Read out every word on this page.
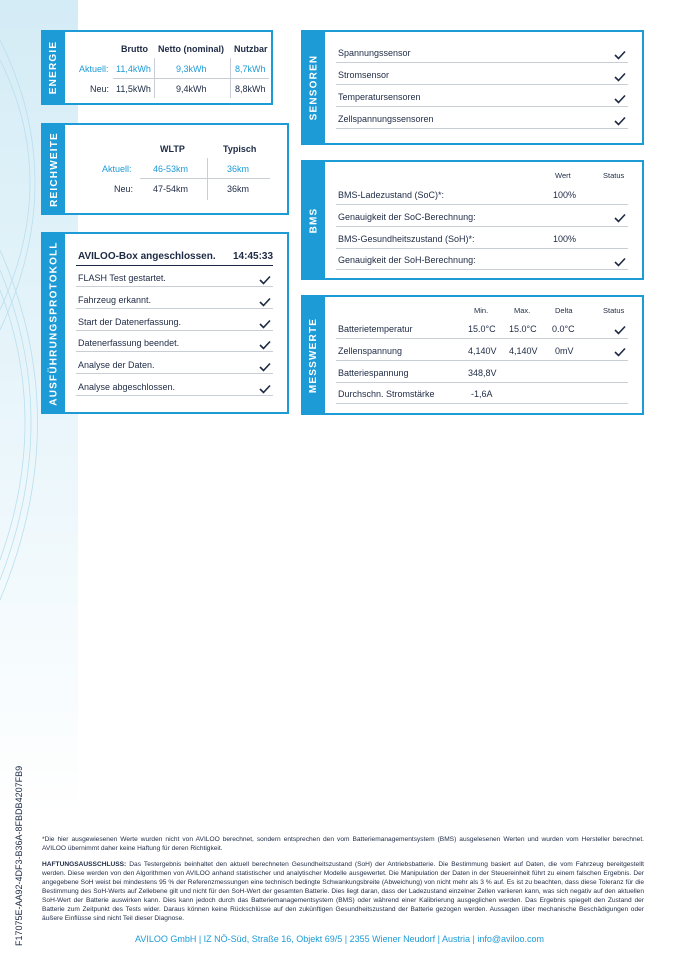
ENERGIE	Brutto Netto (nominal) Nutzbar
Aktuell: 11,4kWh	9,3kWh	8,7kWh
Neu: 11,5kWh	9,4kWh	8,8kWh
REICHWEITE	WLTP	Typisch
Aktuell: 46-53km	36km
Neu: 47-54km	36km
AUSFÜHRUNGSPROTOKOLL AVILOO-Box angeschlossen. 14:45:33
FLASH Test gestartet.
Fahrzeug erkannt.
Start der Datenerfassung.
Datenerfassung beendet.
Analyse der Daten.
Analyse abgeschlossen.
SENSOREN
Spannungssensor
Stromsensor
Temperatursensoren
Zellspannungssensoren
BMS
Wert	Status
BMS-Ladezustand (SoC)*:	100%
Genauigkeit der SoC-Berechnung:
BMS-Gesundheitszustand (SoH)*:	100%
Genauigkeit der SoH-Berechnung:
MESSWERTE
Min.	Max.	Delta	Status
Batterietemperatur	15.0°C 15.0°C 0.0°C
Zellenspannung	4,140V 4,140V 0mV
Batteriespannung	348,8V
Durchschn. Stromstärke	-1,6A
F17075E-AA92-4DF3-B36A-8FBDB4207FB9	*Die hier ausgewiesenen Werte wurden nicht von AVILOO berechnet, sondern entsprechen den vom Batteriemanagementsystem (BMS) ausgelesenen Werten und wurden vom Hersteller berechnet. AVILOO übernimmt daher keine Haftung für deren Richtigkeit.
HAFTUNGSAUSSCHLUSS: Das Testergebnis beinhaltet den aktuell berechneten Gesundheitszustand (SoH) der Antriebsbatterie. Die Bestimmung basiert auf Daten, die vom Fahrzeug bereitgestellt werden. Diese werden von den Algorithmen von AVILOO anhand statistischer und analytischer Modelle ausgewertet. Die Manipulation der Daten in der Steuereinheit führt zu einem falschen Ergebnis. Der angegebene SoH weist bei mindestens 95 % der Referenzmessungen eine technisch bedingte Schwankungsbreite (Abweichung) von nicht mehr als 3 % auf. Es ist zu beachten, dass diese Toleranz für die Bestimmung des SoH-Werts auf Zellebene gilt und nicht für den SoH-Wert der gesamten Batterie. Dies liegt daran, dass der Ladezustand einzelner Zellen variieren kann, was sich negativ auf den aktuellen SoH-Wert der Batterie auswirken kann. Dies kann jedoch durch das Batteriemanagementsystem (BMS) oder während einer Kalibrierung ausgeglichen werden. Das Ergebnis spiegelt den Zustand der Batterie zum Zeitpunkt des Tests wider. Daraus können keine Rückschlüsse auf den zukünftigen Gesundheitszustand der Batterie gezogen werden. Aussagen über mechanische Beschädigungen oder äußere Einflüsse sind nicht Teil dieser Diagnose.
AVILOO GmbH | IZ NÖ-Süd, Straße 16, Objekt 69/5 | 2355 Wiener Neudorf | Austria | info@aviloo.com
